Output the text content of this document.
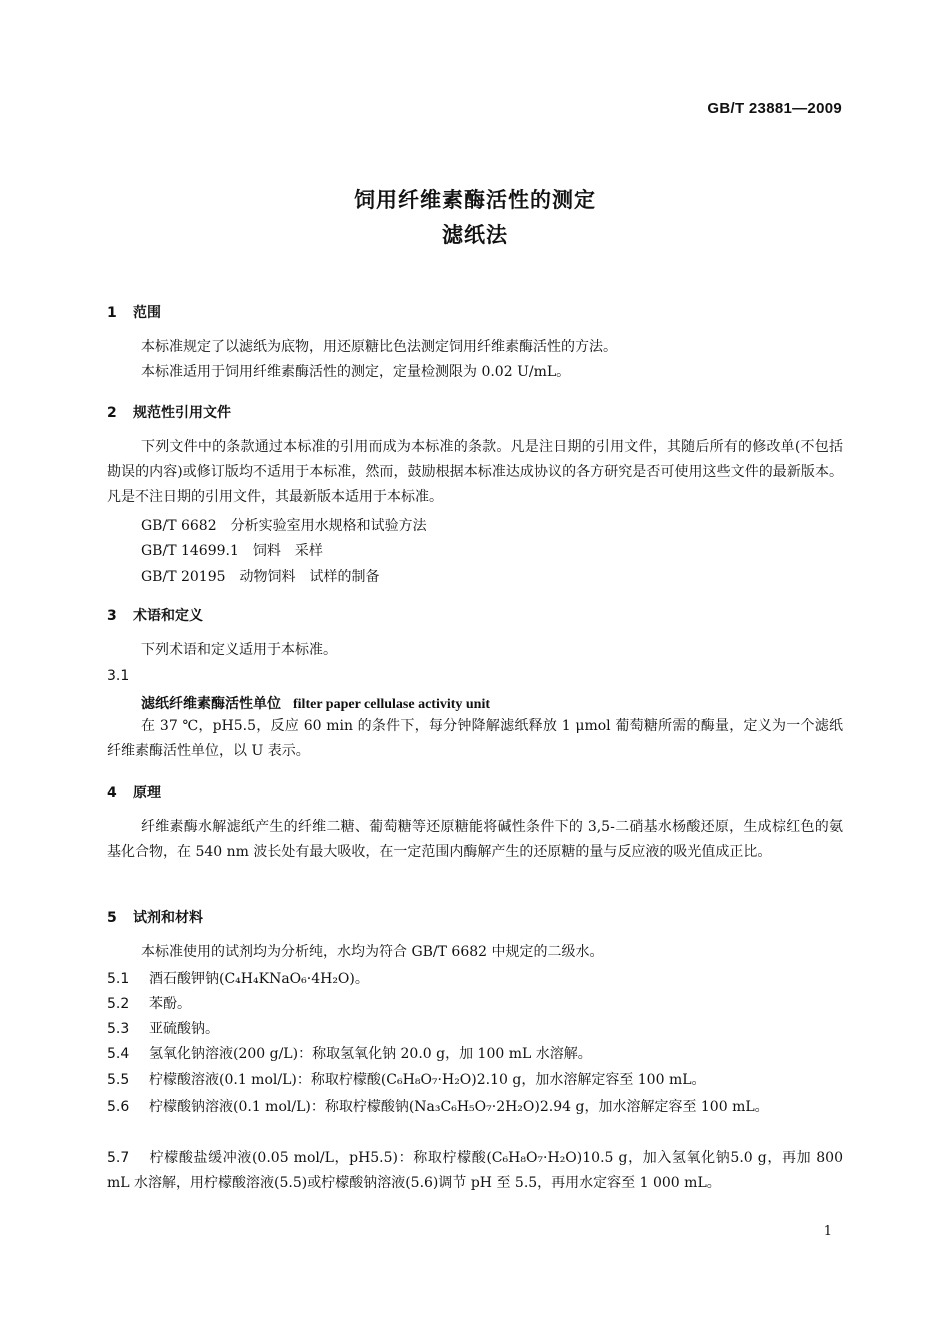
GB/T 23881—2009
饲用纤维素酶活性的测定
滤纸法
1 范围
本标准规定了以滤纸为底物，用还原糖比色法测定饲用纤维素酶活性的方法。
本标准适用于饲用纤维素酶活性的测定，定量检测限为 0.02 U/mL。
2 规范性引用文件
下列文件中的条款通过本标准的引用而成为本标准的条款。凡是注日期的引用文件，其随后所有的修改单(不包括勘误的内容)或修订版均不适用于本标准，然而，鼓励根据本标准达成协议的各方研究是否可使用这些文件的最新版本。凡是不注日期的引用文件，其最新版本适用于本标准。
GB/T 6682 分析实验室用水规格和试验方法
GB/T 14699.1 饲料　采样
GB/T 20195 动物饲料　试样的制备
3 术语和定义
下列术语和定义适用于本标准。
3.1
滤纸纤维素酶活性单位 filter paper cellulase activity unit
在 37 ℃，pH5.5，反应 60 min 的条件下，每分钟降解滤纸释放 1 μmol 葡萄糖所需的酶量，定义为一个滤纸纤维素酶活性单位，以 U 表示。
4 原理
纤维素酶水解滤纸产生的纤维二糖、葡萄糖等还原糖能将碱性条件下的 3,5-二硝基水杨酸还原，生成棕红色的氨基化合物，在 540 nm 波长处有最大吸收，在一定范围内酶解产生的还原糖的量与反应液的吸光值成正比。
5 试剂和材料
本标准使用的试剂均为分析纯，水均为符合 GB/T 6682 中规定的二级水。
5.1 酒石酸钾钠(C₄H₄KNaO₆·4H₂O)。
5.2 苯酚。
5.3 亚硫酸钠。
5.4 氢氧化钠溶液(200 g/L)：称取氢氧化钠 20.0 g，加 100 mL 水溶解。
5.5 柠檬酸溶液(0.1 mol/L)：称取柠檬酸(C₆H₈O₇·H₂O)2.10 g，加水溶解定容至 100 mL。
5.6 柠檬酸钠溶液(0.1 mol/L)：称取柠檬酸钠(Na₃C₆H₅O₇·2H₂O)2.94 g，加水溶解定容至 100 mL。
5.7 柠檬酸盐缓冲液(0.05 mol/L，pH5.5)：称取柠檬酸(C₆H₈O₇·H₂O)10.5 g，加入氢氧化钠5.0 g，再加 800 mL 水溶解，用柠檬酸溶液(5.5)或柠檬酸钠溶液(5.6)调节 pH 至 5.5，再用水定容至 1 000 mL。
1
